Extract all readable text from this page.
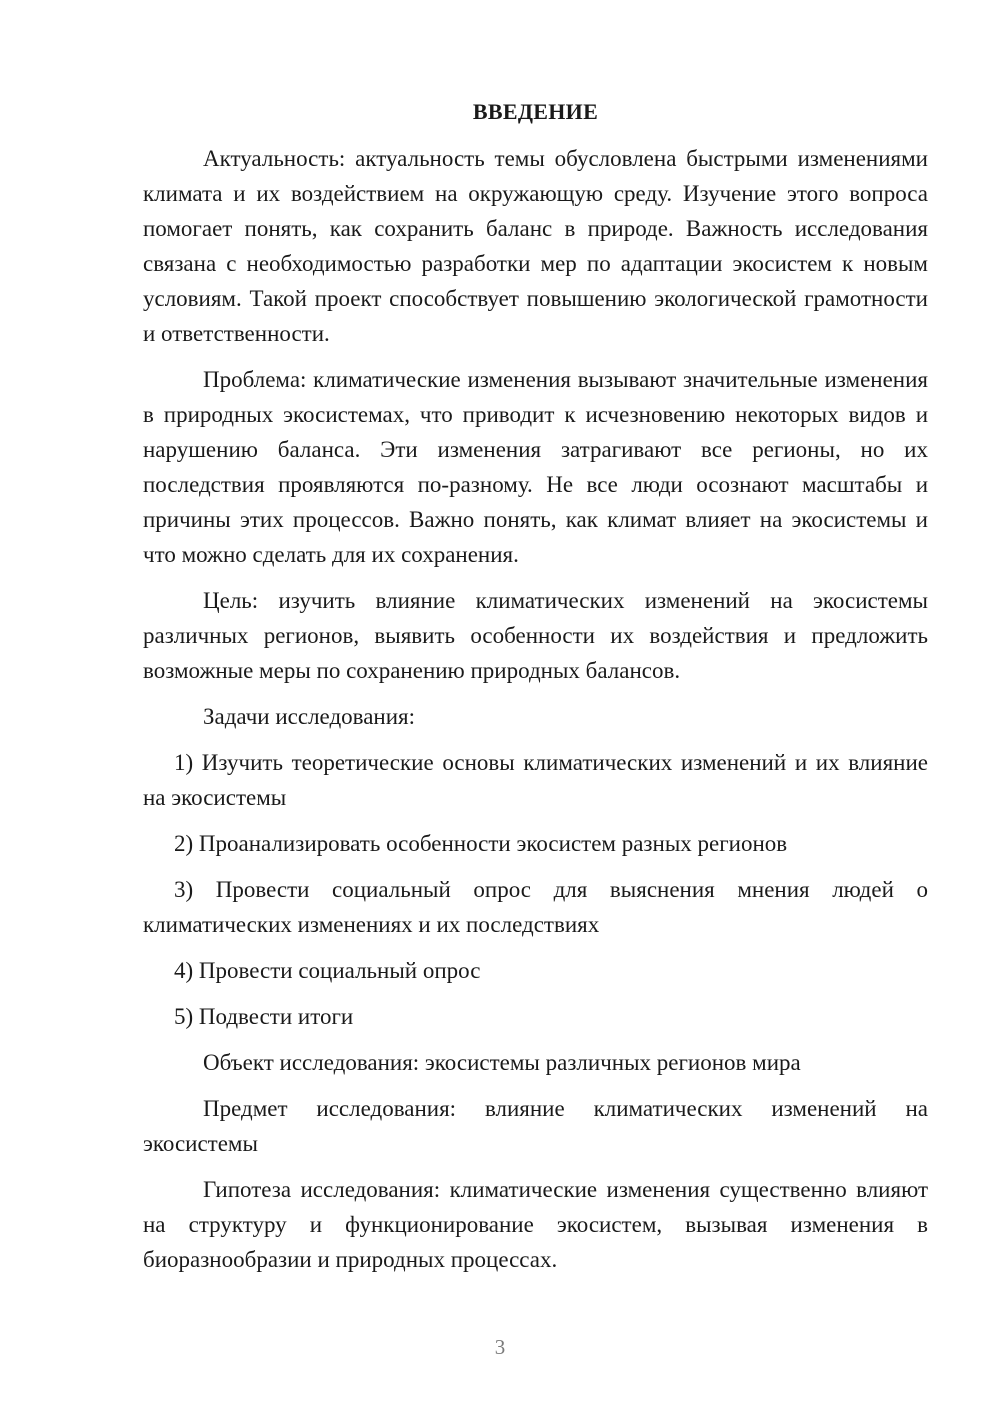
ВВЕДЕНИЕ

Актуальность: актуальность темы обусловлена быстрыми изменениями климата и их воздействием на окружающую среду. Изучение этого вопроса помогает понять, как сохранить баланс в природе. Важность исследования связана с необходимостью разработки мер по адаптации экосистем к новым условиям. Такой проект способствует повышению экологической грамотности и ответственности.

Проблема: климатические изменения вызывают значительные изменения в природных экосистемах, что приводит к исчезновению некоторых видов и нарушению баланса. Эти изменения затрагивают все регионы, но их последствия проявляются по-разному. Не все люди осознают масштабы и причины этих процессов. Важно понять, как климат влияет на экосистемы и что можно сделать для их сохранения.

Цель: изучить влияние климатических изменений на экосистемы различных регионов, выявить особенности их воздействия и предложить возможные меры по сохранению природных балансов.

Задачи исследования:

1) Изучить теоретические основы климатических изменений и их влияние на экосистемы

2) Проанализировать особенности экосистем разных регионов

3) Провести социальный опрос для выяснения мнения людей о климатических изменениях и их последствиях

4) Провести социальный опрос

5) Подвести итоги

Объект исследования: экосистемы различных регионов мира

Предмет исследования: влияние климатических изменений на экосистемы

Гипотеза исследования: климатические изменения существенно влияют на структуру и функционирование экосистем, вызывая изменения в биоразнообразии и природных процессах.

3
